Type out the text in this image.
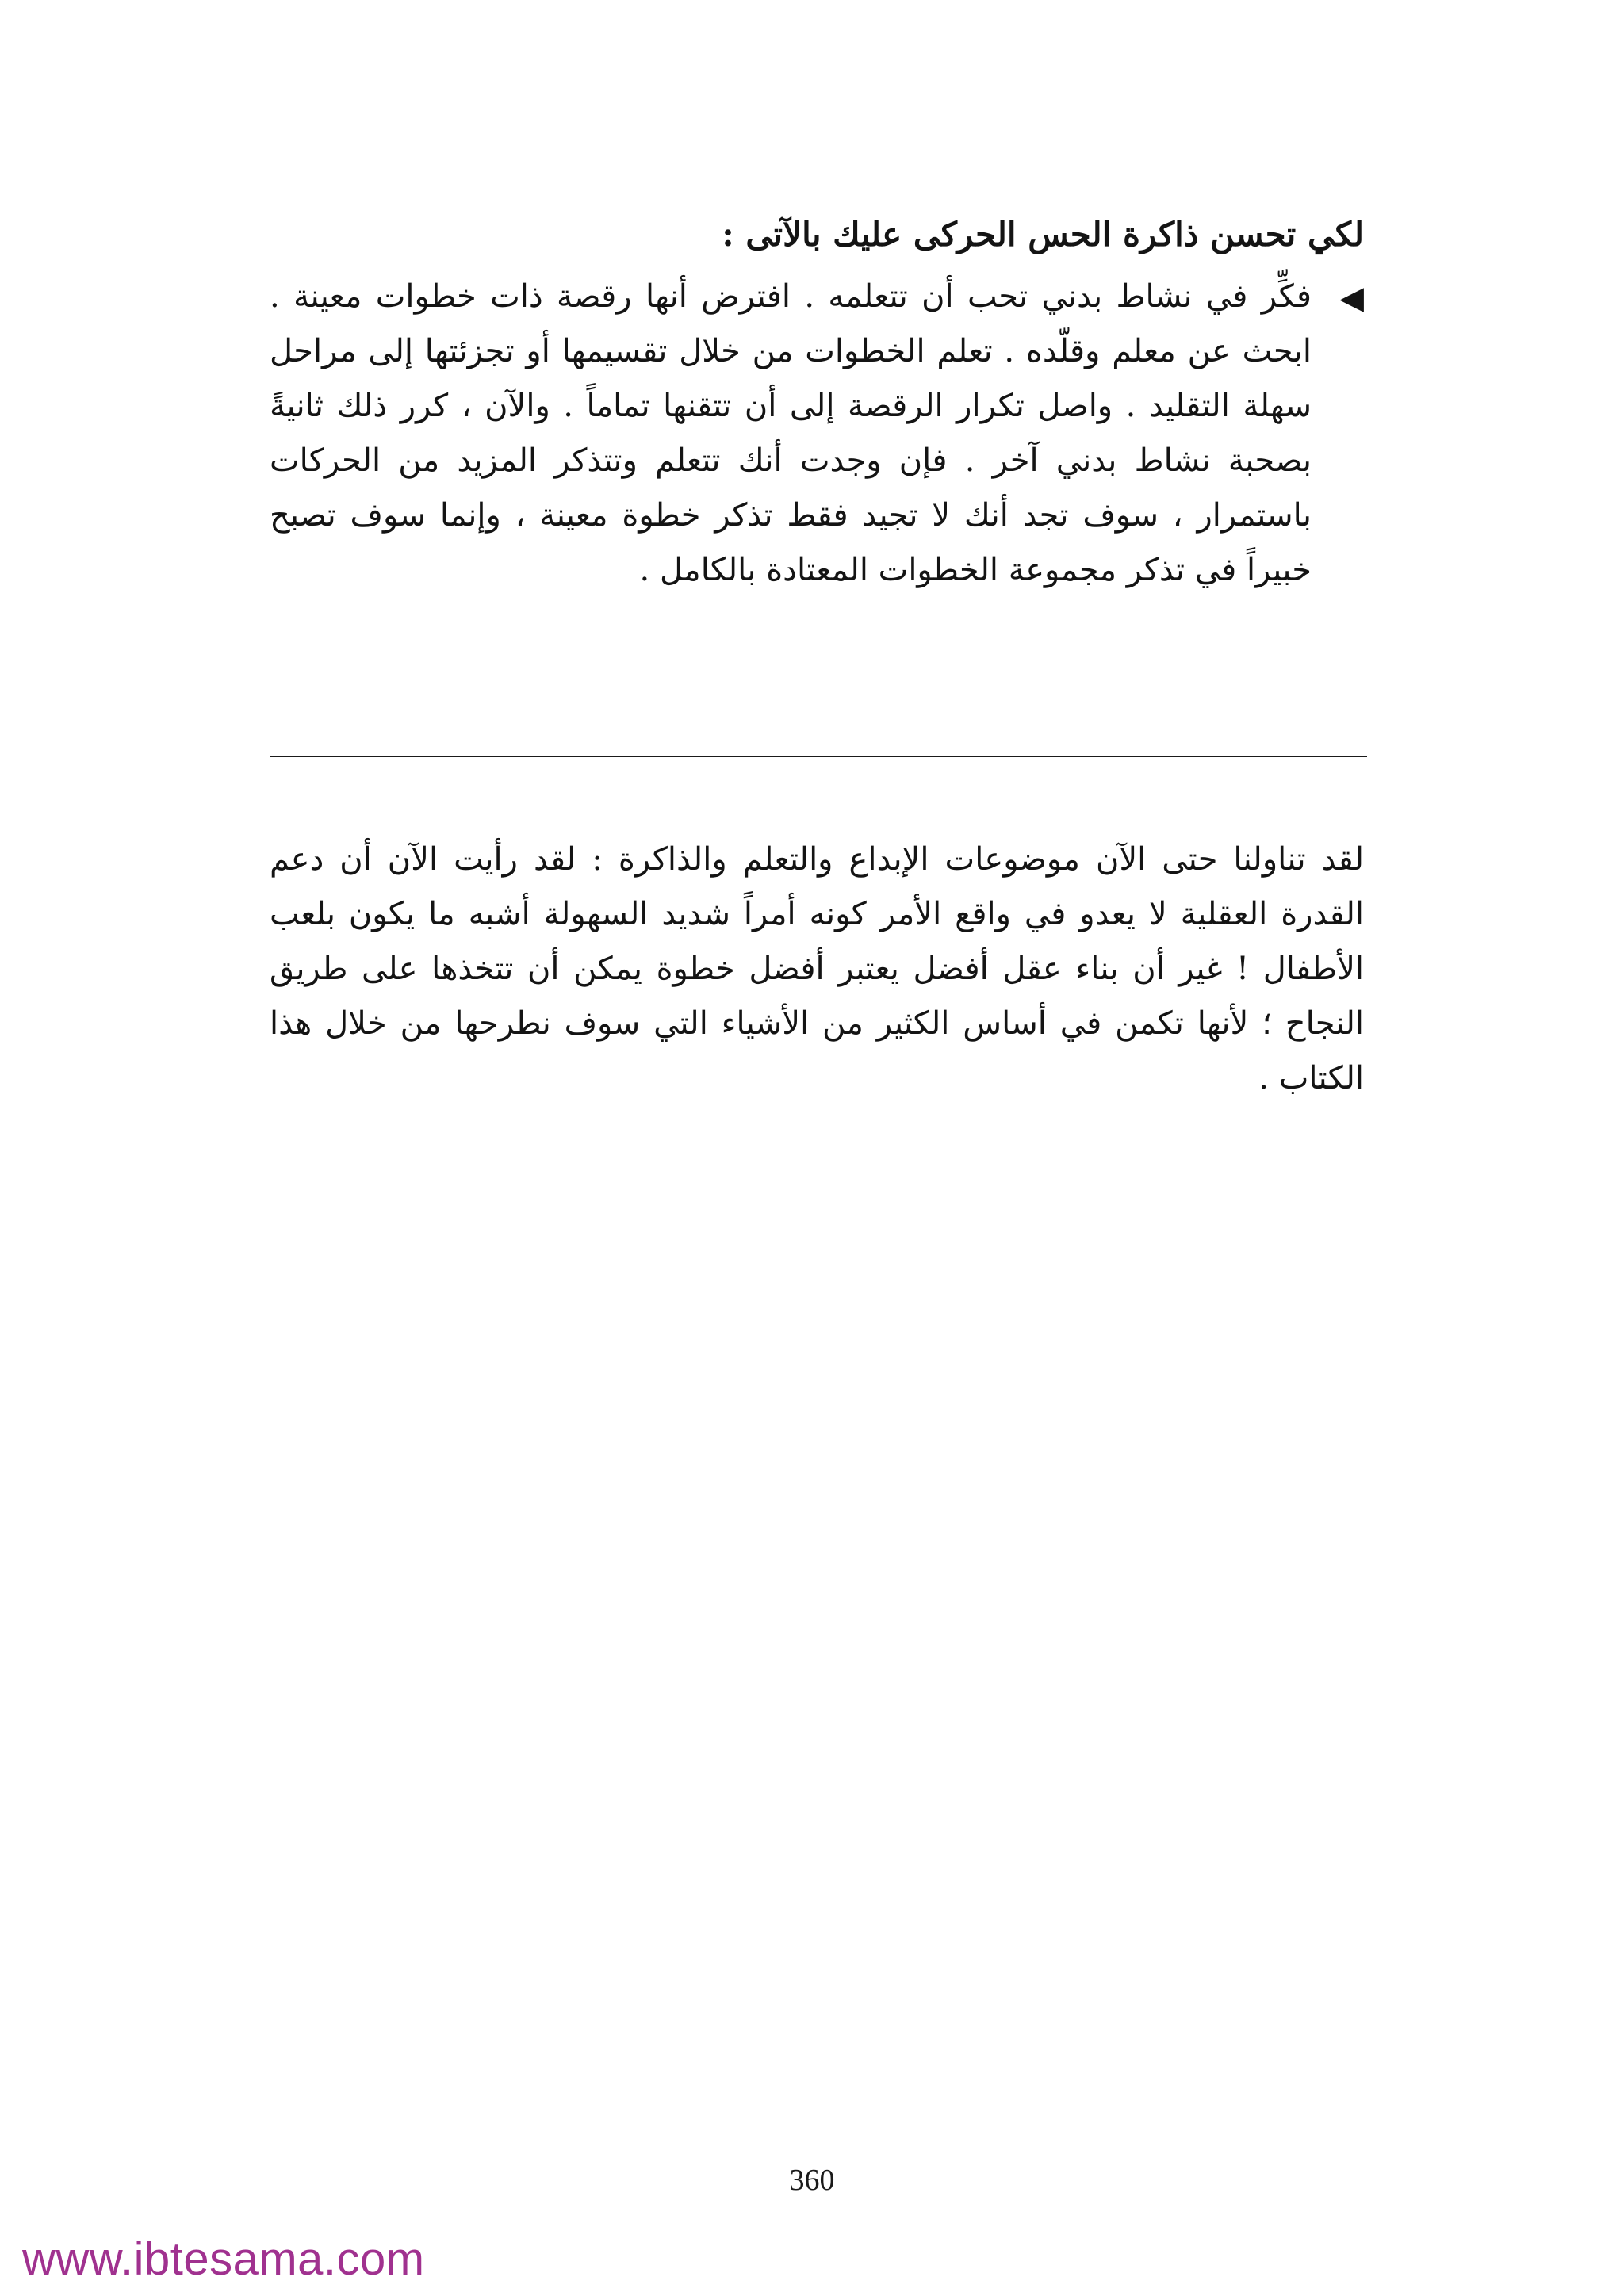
لكي تحسن ذاكرة الحس الحركى عليك بالآتى :
◀
فكِّر في نشاط بدني تحب أن تتعلمه . افترض أنها رقصة ذات خطوات معينة . ابحث عن معلم وقلّده . تعلم الخطوات من خلال تقسيمها أو تجزئتها إلى مراحل سهلة التقليد . واصل تكرار الرقصة إلى أن تتقنها تماماً . والآن ، كرر ذلك ثانيةً بصحبة نشاط بدني آخر . فإن وجدت أنك تتعلم وتتذكر المزيد من الحركات باستمرار ، سوف تجد أنك لا تجيد فقط تذكر خطوة معينة ، وإنما سوف تصبح خبيراً في تذكر مجموعة الخطوات المعتادة بالكامل .
لقد تناولنا حتى الآن موضوعات الإبداع والتعلم والذاكرة : لقد رأيت الآن أن دعم القدرة العقلية لا يعدو في واقع الأمر كونه أمراً شديد السهولة أشبه ما يكون بلعب الأطفال ! غير أن بناء عقل أفضل يعتبر أفضل خطوة يمكن أن تتخذها على طريق النجاح ؛ لأنها تكمن في أساس الكثير من الأشياء التي سوف نطرحها من خلال هذا الكتاب .
360
www.ibtesama.com
